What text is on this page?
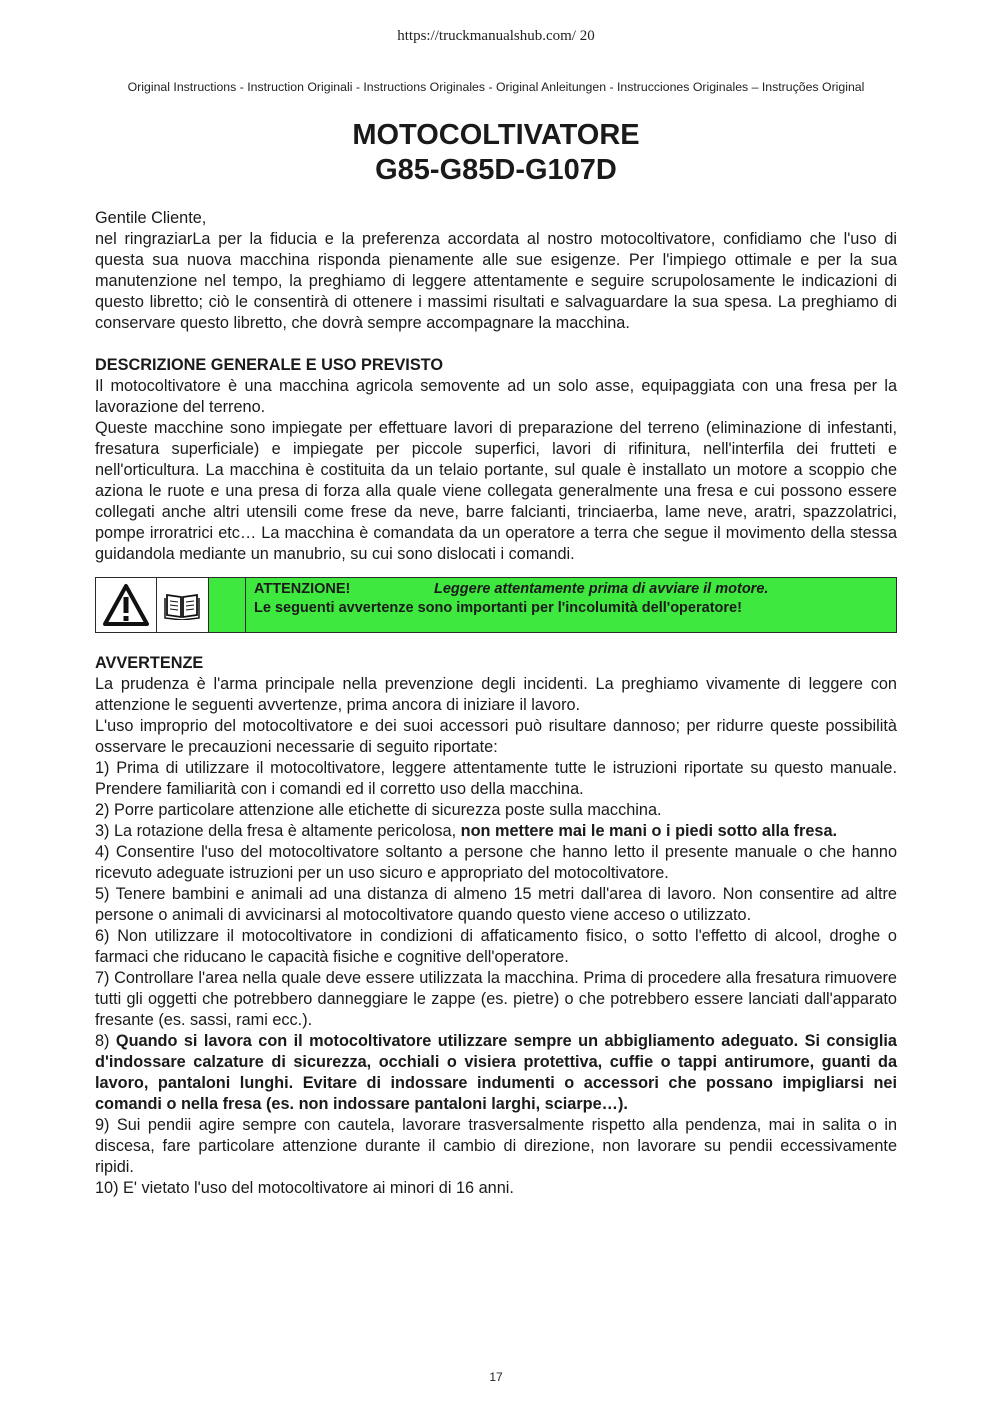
https://truckmanualshub.com/ 20
Original Instructions - Instruction Originali - Instructions Originales - Original Anleitungen - Instrucciones Originales – Instruções Original
MOTOCOLTIVATORE
G85-G85D-G107D

Gentile Cliente,

nel ringraziarLa per la fiducia e la preferenza accordata al nostro motocoltivatore, confidiamo che l'uso di questa sua nuova macchina risponda pienamente alle sue esigenze. Per l'impiego ottimale e per la sua manutenzione nel tempo, la preghiamo di leggere attentamente e seguire scrupolosamente le indicazioni di questo libretto; ciò le consentirà di ottenere i massimi risultati e salvaguardare la sua spesa. La preghiamo di conservare questo libretto, che dovrà sempre accompagnare la macchina.

DESCRIZIONE GENERALE E USO PREVISTO

Il motocoltivatore è una macchina agricola semovente ad un solo asse, equipaggiata con una fresa per la lavorazione del terreno.

Queste macchine sono impiegate per effettuare lavori di preparazione del terreno (eliminazione di infestanti, fresatura superficiale) e impiegate per piccole superfici, lavori di rifinitura, nell'interfila dei frutteti e nell'orticultura. La macchina è costituita da un telaio portante, sul quale è installato un motore a scoppio che aziona le ruote e una presa di forza alla quale viene collegata generalmente una fresa e cui possono essere collegati anche altri utensili come frese da neve, barre falcianti, trinciaerba, lame neve, aratri, spazzolatrici, pompe irroratrici etc… La macchina è comandata da un operatore a terra che segue il movimento della stessa guidandola mediante un manubrio, su cui sono dislocati i comandi.

ATTENZIONE!	Leggere attentamente prima di avviare il motore.
Le seguenti avvertenze sono importanti per l'incolumità dell'operatore!

AVVERTENZE

La prudenza è l'arma principale nella prevenzione degli incidenti. La preghiamo vivamente di leggere con attenzione le seguenti avvertenze, prima ancora di iniziare il lavoro.

L'uso improprio del motocoltivatore e dei suoi accessori può risultare dannoso; per ridurre queste possibilità osservare le precauzioni necessarie di seguito riportate:

1) Prima di utilizzare il motocoltivatore, leggere attentamente tutte le istruzioni riportate su questo manuale. Prendere familiarità con i comandi ed il corretto uso della macchina.

2) Porre particolare attenzione alle etichette di sicurezza poste sulla macchina.

3) La rotazione della fresa è altamente pericolosa, non mettere mai le mani o i piedi sotto alla fresa.

4) Consentire l'uso del motocoltivatore soltanto a persone che hanno letto il presente manuale o che hanno ricevuto adeguate istruzioni per un uso sicuro e appropriato del motocoltivatore.

5) Tenere bambini e animali ad una distanza di almeno 15 metri dall'area di lavoro. Non consentire ad altre persone o animali di avvicinarsi al motocoltivatore quando questo viene acceso o utilizzato.

6) Non utilizzare il motocoltivatore in condizioni di affaticamento fisico, o sotto l'effetto di alcool, droghe o farmaci che riducano le capacità fisiche e cognitive dell'operatore.

7) Controllare l'area nella quale deve essere utilizzata la macchina. Prima di procedere alla fresatura rimuovere tutti gli oggetti che potrebbero danneggiare le zappe (es. pietre) o che potrebbero essere lanciati dall'apparato fresante (es. sassi, rami ecc.).

8) Quando si lavora con il motocoltivatore utilizzare sempre un abbigliamento adeguato. Si consiglia d'indossare calzature di sicurezza, occhiali o visiera protettiva, cuffie o tappi antirumore, guanti da lavoro, pantaloni lunghi. Evitare di indossare indumenti o accessori che possano impigliarsi nei comandi o nella fresa (es. non indossare pantaloni larghi, sciarpe…).

9) Sui pendii agire sempre con cautela, lavorare trasversalmente rispetto alla pendenza, mai in salita o in discesa, fare particolare attenzione durante il cambio di direzione, non lavorare su pendii eccessivamente ripidi.

10) E' vietato l'uso del motocoltivatore ai minori di 16 anni.

17
